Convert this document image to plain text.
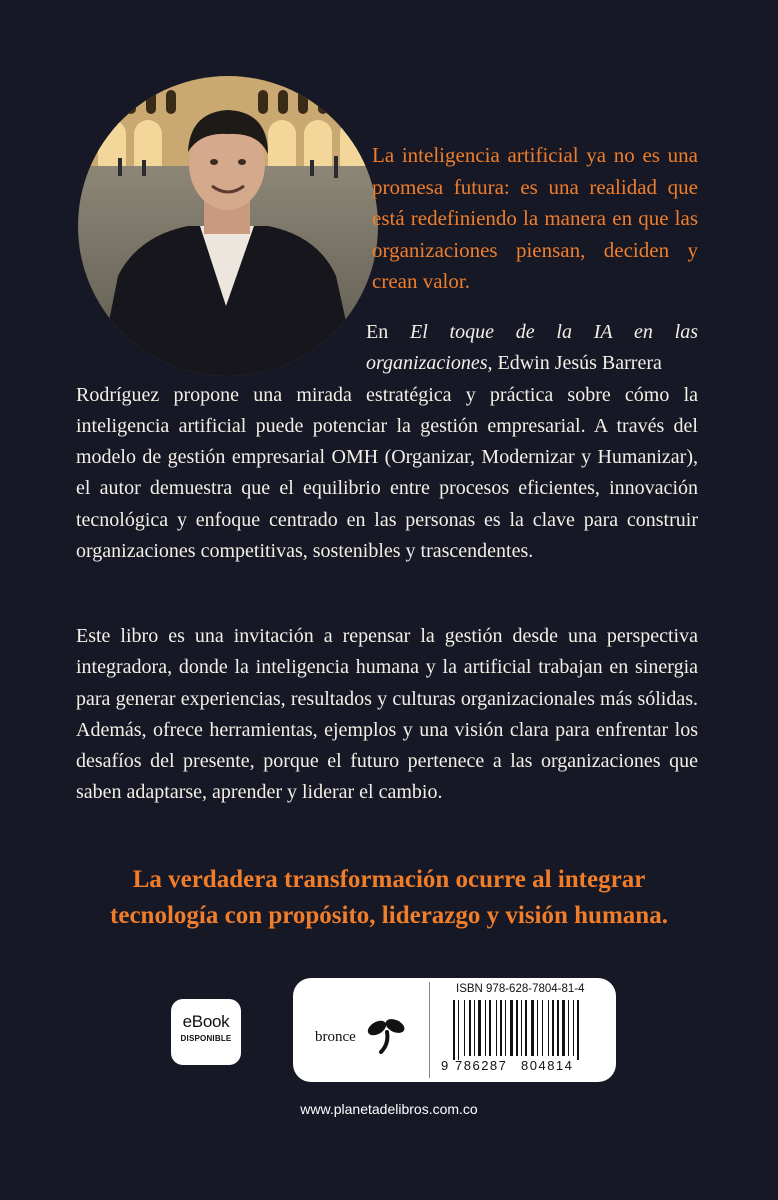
La inteligencia artificial ya no es una promesa futura: es una realidad que está redefiniendo la manera en que las organizaciones piensan, deciden y crean valor.

En El toque de la IA en las organizaciones, Edwin Jesús Barrera
Rodríguez propone una mirada estratégica y práctica sobre cómo la inteligencia artificial puede potenciar la gestión empresarial. A través del modelo de gestión empresarial OMH (Organizar, Modernizar y Humanizar), el autor demuestra que el equilibrio entre procesos eficientes, innovación tecnológica y enfoque centrado en las personas es la clave para construir organizaciones competitivas, sostenibles y trascendentes.

Este libro es una invitación a repensar la gestión desde una perspectiva integradora, donde la inteligencia humana y la artificial trabajan en sinergia para generar experiencias, resultados y culturas organizacionales más sólidas. Además, ofrece herramientas, ejemplos y una visión clara para enfrentar los desafíos del presente, porque el futuro pertenece a las organizaciones que saben adaptarse, aprender y liderar el cambio.

La verdadera transformación ocurre al integrar
tecnología con propósito, liderazgo y visión humana.

eBook
DISPONIBLE	bronce
ISBN 978-628-7804-81-4
9 786287 804814
www.planetadelibros.com.co
